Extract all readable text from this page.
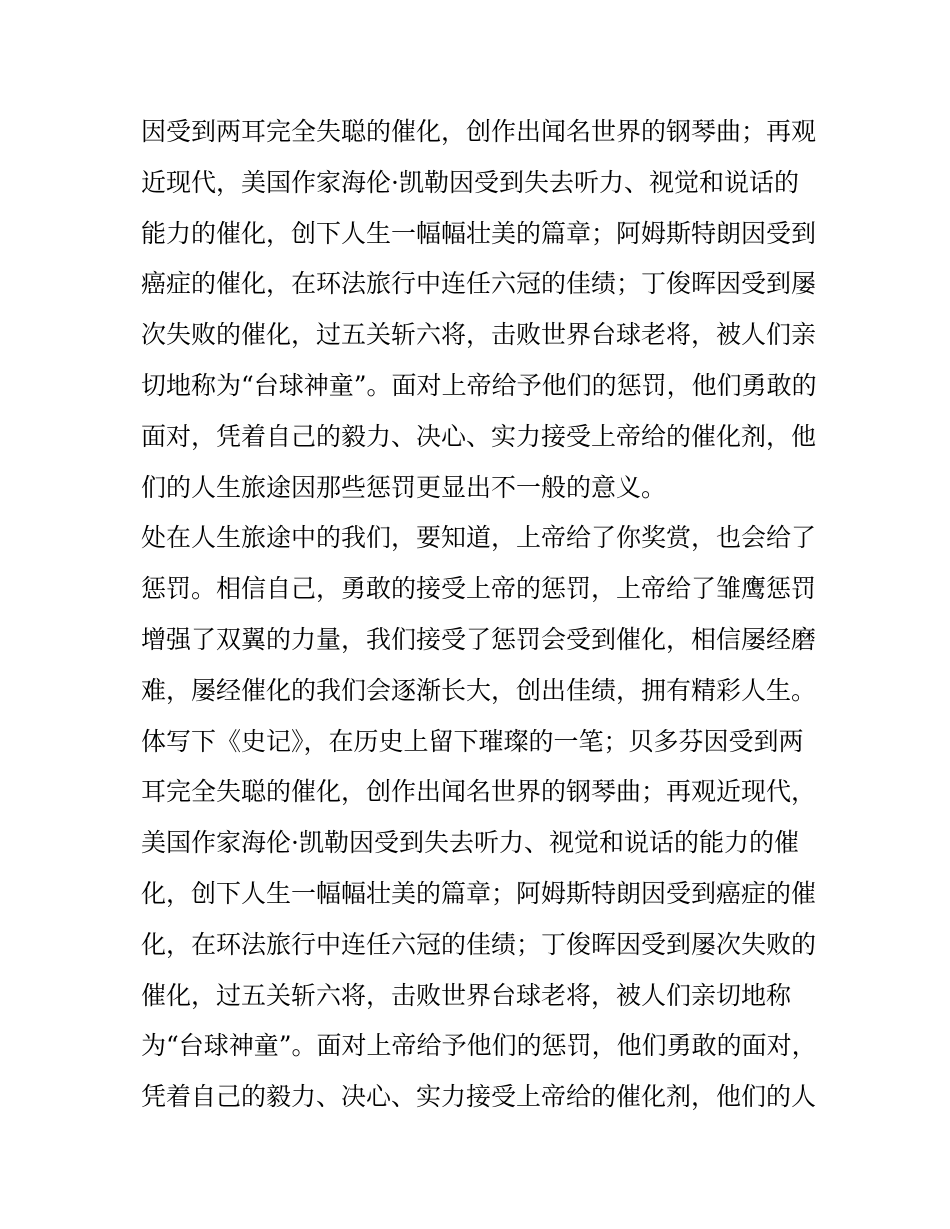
因受到两耳完全失聪的催化，创作出闻名世界的钢琴曲；再观
近现代，美国作家海伦·凯勒因受到失去听力、视觉和说话的
能力的催化，创下人生一幅幅壮美的篇章；阿姆斯特朗因受到
癌症的催化，在环法旅行中连任六冠的佳绩；丁俊晖因受到屡
次失败的催化，过五关斩六将，击败世界台球老将，被人们亲
切地称为“台球神童”。面对上帝给予他们的惩罚，他们勇敢的
面对，凭着自己的毅力、决心、实力接受上帝给的催化剂，他
们的人生旅途因那些惩罚更显出不一般的意义。
处在人生旅途中的我们，要知道，上帝给了你奖赏，也会给了
惩罚。相信自己，勇敢的接受上帝的惩罚，上帝给了雏鹰惩罚
增强了双翼的力量，我们接受了惩罚会受到催化，相信屡经磨
难，屡经催化的我们会逐渐长大，创出佳绩，拥有精彩人生。
体写下《史记》，在历史上留下璀璨的一笔；贝多芬因受到两
耳完全失聪的催化，创作出闻名世界的钢琴曲；再观近现代，
美国作家海伦·凯勒因受到失去听力、视觉和说话的能力的催
化，创下人生一幅幅壮美的篇章；阿姆斯特朗因受到癌症的催
化，在环法旅行中连任六冠的佳绩；丁俊晖因受到屡次失败的
催化，过五关斩六将，击败世界台球老将，被人们亲切地称
为“台球神童”。面对上帝给予他们的惩罚，他们勇敢的面对，
凭着自己的毅力、决心、实力接受上帝给的催化剂，他们的人
